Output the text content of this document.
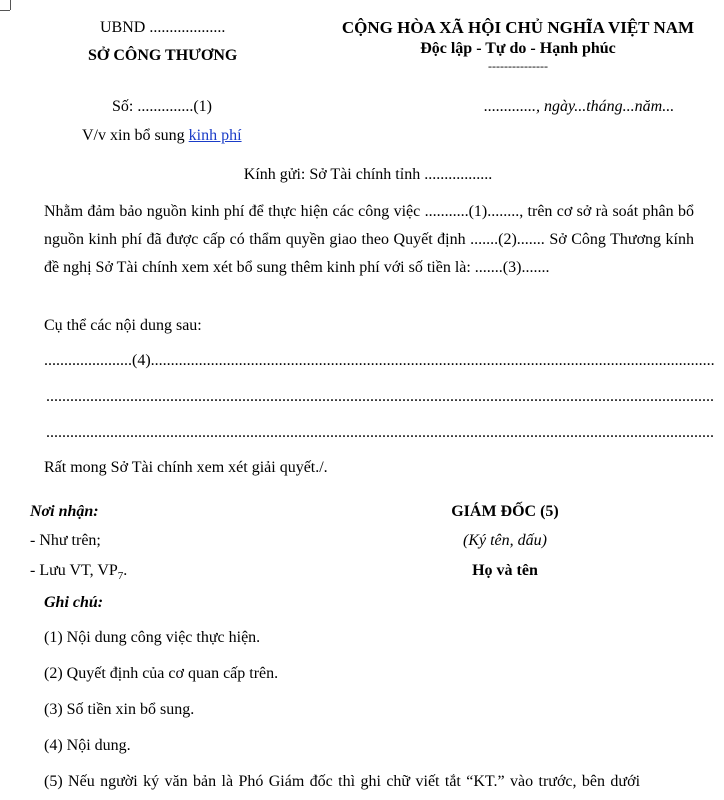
UBND ...................
SỞ CÔNG THƯƠNG
CỘNG HÒA XÃ HỘI CHỦ NGHĨA VIỆT NAM
Độc lập - Tự do - Hạnh phúc
---------------
Số: ..............(1)	............., ngày...tháng...năm...
V/v xin bổ sung kinh phí
Kính gửi: Sở Tài chính tỉnh .................
Nhằm đảm bảo nguồn kinh phí để thực hiện các công việc ...........(1)........, trên cơ sở rà soát phân bổ nguồn kinh phí đã được cấp có thẩm quyền giao theo Quyết định .......(2)....... Sở Công Thương kính đề nghị Sở Tài chính xem xét bổ sung thêm kinh phí với số tiền là: .......(3).......
Cụ thể các nội dung sau:
......................(4) .....
.....
.....
Rất mong Sở Tài chính xem xét giải quyết./.
Nơi nhận:
- Như trên;
- Lưu VT, $VP_7$.
GIÁM ĐỐC (5)
(Ký tên, dấu)
Họ và tên
Ghi chú:
(1) Nội dung công việc thực hiện.
(2) Quyết định của cơ quan cấp trên.
(3) Số tiền xin bổ sung.
(4) Nội dung.
(5) Nếu người ký văn bản là Phó Giám đốc thì ghi chữ viết tắt “KT.” vào trước, bên dưới
